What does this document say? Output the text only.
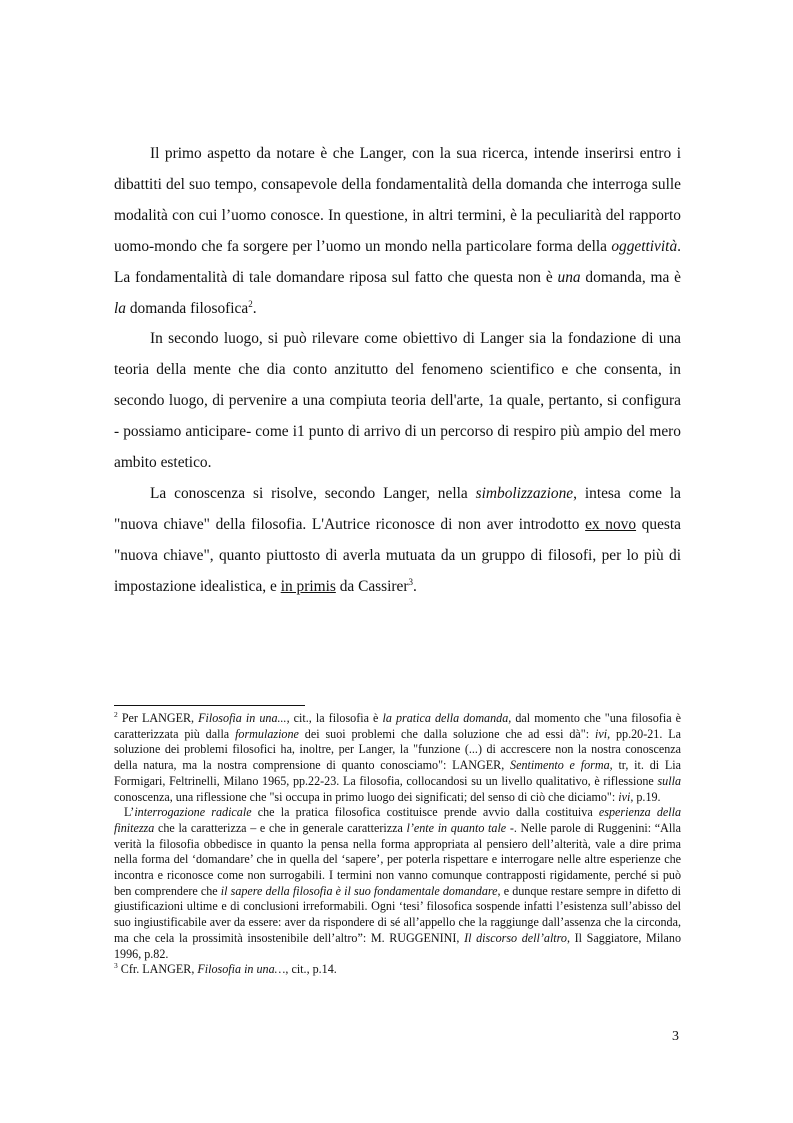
Il primo aspetto da notare è che Langer, con la sua ricerca, intende inserirsi entro i dibattiti del suo tempo, consapevole della fondamentalità della domanda che interroga sulle modalità con cui l’uomo conosce. In questione, in altri termini, è la peculiarità del rapporto uomo-mondo che fa sorgere per l’uomo un mondo nella particolare forma della oggettività. La fondamentalità di tale domandare riposa sul fatto che questa non è una domanda, ma è la domanda filosofica$^2$.

In secondo luogo, si può rilevare come obiettivo di Langer sia la fondazione di una teoria della mente che dia conto anzitutto del fenomeno scientifico e che consenta, in secondo luogo, di pervenire a una compiuta teoria dell'arte, 1a quale, pertanto, si configura - possiamo anticipare- come i1 punto di arrivo di un percorso di respiro più ampio del mero ambito estetico.

La conoscenza si risolve, secondo Langer, nella simbolizzazione, intesa come la "nuova chiave" della filosofia. L'Autrice riconosce di non aver introdotto ex novo questa "nuova chiave", quanto piuttosto di averla mutuata da un gruppo di filosofi, per lo più di impostazione idealistica, e in primis da Cassirer$^3$.

$^2$ Per LANGER, Filosofia in una..., cit., la filosofia è la pratica della domanda, dal momento che "una filosofia è caratterizzata più dalla formulazione dei suoi problemi che dalla soluzione che ad essi dà": ivi, pp.20-21. La soluzione dei problemi filosofici ha, inoltre, per Langer, la "funzione (...) di accrescere non la nostra conoscenza della natura, ma la nostra comprensione di quanto conosciamo": LANGER, Sentimento e forma, tr, it. di Lia Formigari, Feltrinelli, Milano 1965, pp.22-23. La filosofia, collocandosi su un livello qualitativo, è riflessione sulla conoscenza, una riflessione che "si occupa in primo luogo dei significati; del senso di ciò che diciamo": ivi, p.19.

L’interrogazione radicale che la pratica filosofica costituisce prende avvio dalla costituiva esperienza della finitezza che la caratterizza – e che in generale caratterizza l’ente in quanto tale -. Nelle parole di Ruggenini: “Alla verità la filosofia obbedisce in quanto la pensa nella forma appropriata al pensiero dell’alterità, vale a dire prima nella forma del ‘domandare’ che in quella del ‘sapere’, per poterla rispettare e interrogare nelle altre esperienze che incontra e riconosce come non surrogabili. I termini non vanno comunque contrapposti rigidamente, perché si può ben comprendere che il sapere della filosofia è il suo fondamentale domandare, e dunque restare sempre in difetto di giustificazioni ultime e di conclusioni irreformabili. Ogni ‘tesi’ filosofica sospende infatti l’esistenza sull’abisso del suo ingiustificabile aver da essere: aver da rispondere di sé all’appello che la raggiunge dall’assenza che la circonda, ma che cela la prossimità insostenibile dell’altro”: M. RUGGENINI, Il discorso dell’altro, Il Saggiatore, Milano 1996, p.82.

$^3$ Cfr. LANGER, Filosofia in una…, cit., p.14.

3
